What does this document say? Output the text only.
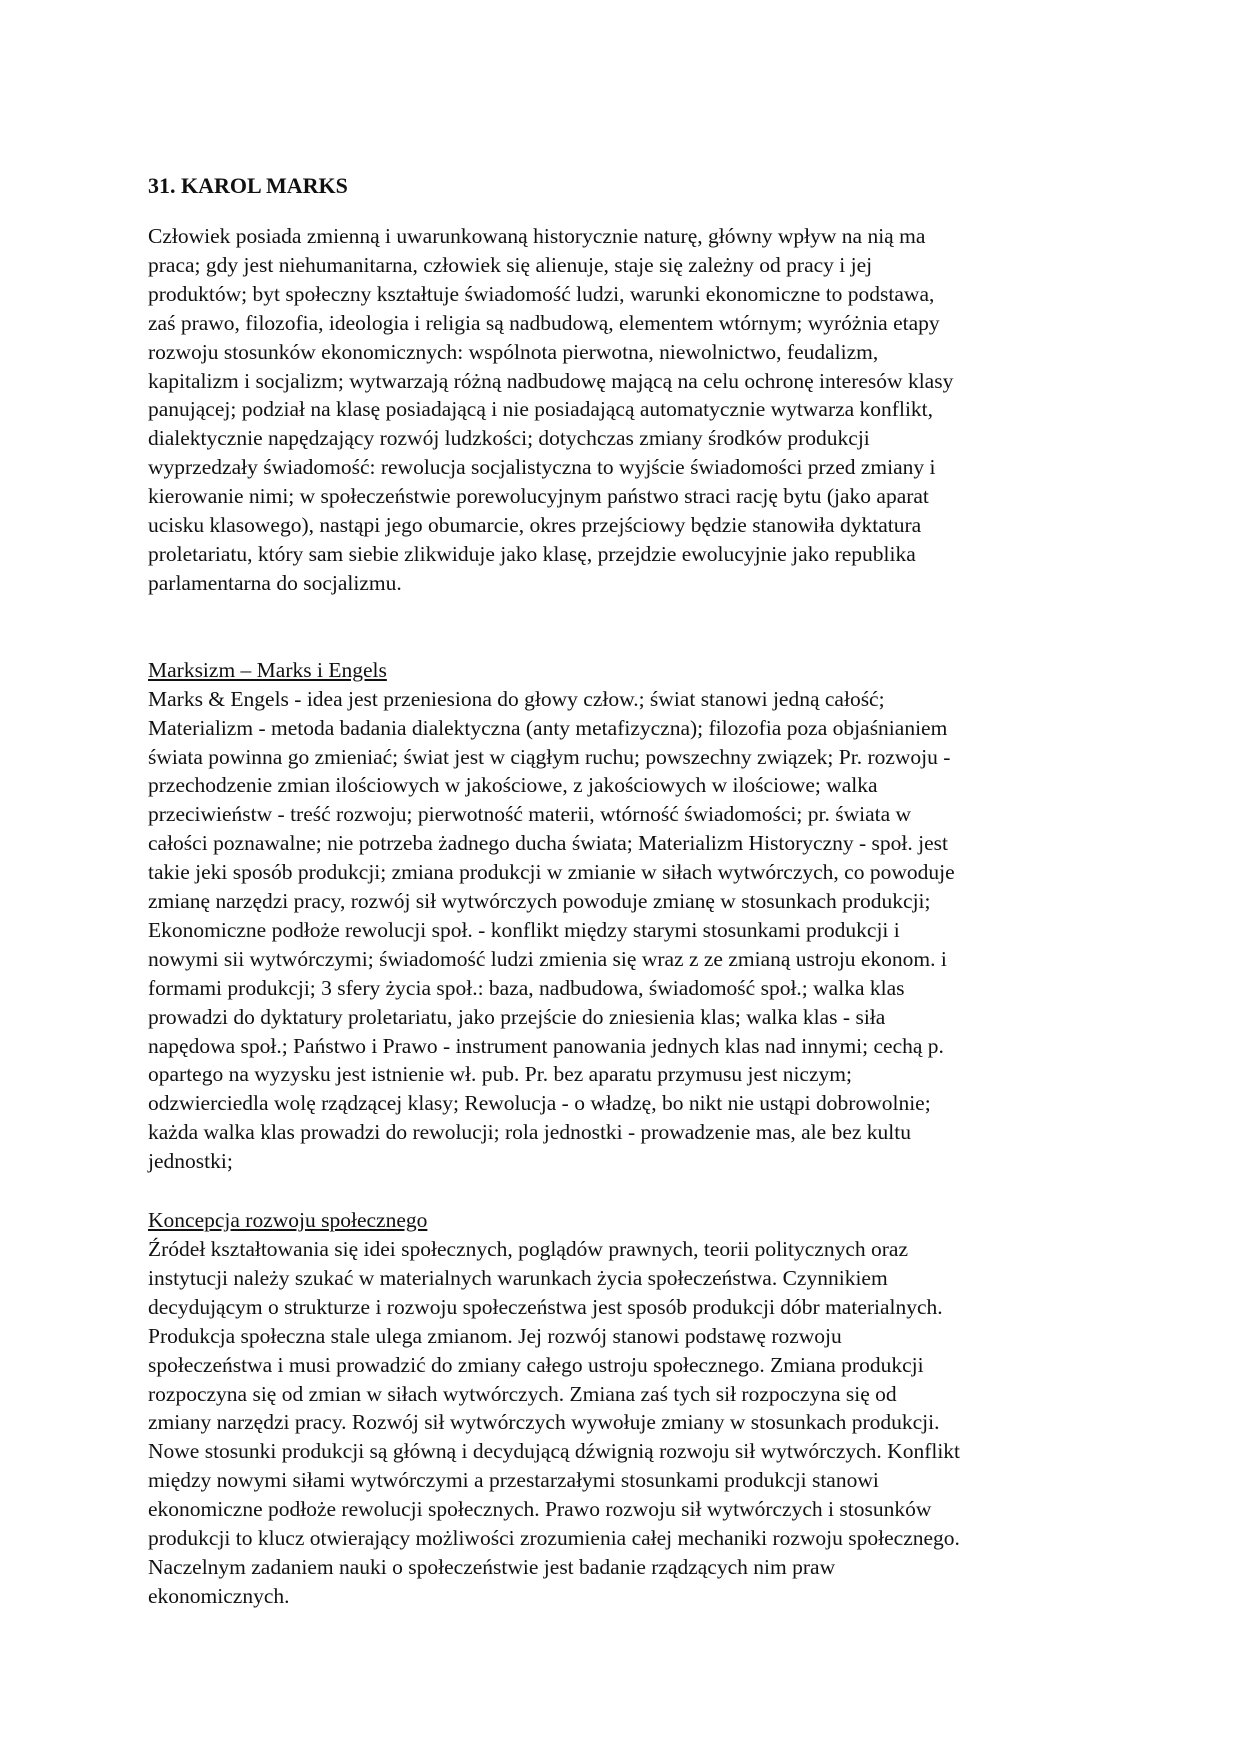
31. KAROL MARKS

Człowiek posiada zmienną i uwarunkowaną historycznie naturę, główny wpływ na nią ma
praca; gdy jest niehumanitarna, człowiek się alienuje, staje się zależny od pracy i jej
produktów; byt społeczny kształtuje świadomość ludzi, warunki ekonomiczne to podstawa,
zaś prawo, filozofia, ideologia i religia są nadbudową, elementem wtórnym; wyróżnia etapy
rozwoju stosunków ekonomicznych: wspólnota pierwotna, niewolnictwo, feudalizm,
kapitalizm i socjalizm; wytwarzają różną nadbudowę mającą na celu ochronę interesów klasy
panującej; podział na klasę posiadającą i nie posiadającą automatycznie wytwarza konflikt,
dialektycznie napędzający rozwój ludzkości; dotychczas zmiany środków produkcji
wyprzedzały świadomość: rewolucja socjalistyczna to wyjście świadomości przed zmiany i
kierowanie nimi; w społeczeństwie porewolucyjnym państwo straci rację bytu (jako aparat
ucisku klasowego), nastąpi jego obumarcie, okres przejściowy będzie stanowiła dyktatura
proletariatu, który sam siebie zlikwiduje jako klasę, przejdzie ewolucyjnie jako republika
parlamentarna do socjalizmu.

Marksizm – Marks i Engels

Marks & Engels - idea jest przeniesiona do głowy człow.; świat stanowi jedną całość;
Materializm - metoda badania dialektyczna (anty metafizyczna); filozofia poza objaśnianiem
świata powinna go zmieniać; świat jest w ciągłym ruchu; powszechny związek; Pr. rozwoju -
przechodzenie zmian ilościowych w jakościowe, z jakościowych w ilościowe; walka
przeciwieństw - treść rozwoju; pierwotność materii, wtórność świadomości; pr. świata w
całości poznawalne; nie potrzeba żadnego ducha świata; Materializm Historyczny - społ. jest
takie jeki sposób produkcji; zmiana produkcji w zmianie w siłach wytwórczych, co powoduje
zmianę narzędzi pracy, rozwój sił wytwórczych powoduje zmianę w stosunkach produkcji;
Ekonomiczne podłoże rewolucji społ. - konflikt między starymi stosunkami produkcji i
nowymi sii wytwórczymi; świadomość ludzi zmienia się wraz z ze zmianą ustroju ekonom. i
formami produkcji; 3 sfery życia społ.: baza, nadbudowa, świadomość społ.; walka klas
prowadzi do dyktatury proletariatu, jako przejście do zniesienia klas; walka klas - siła
napędowa społ.; Państwo i Prawo - instrument panowania jednych klas nad innymi; cechą p.
opartego na wyzysku jest istnienie wł. pub. Pr. bez aparatu przymusu jest niczym;
odzwierciedla wolę rządzącej klasy; Rewolucja - o władzę, bo nikt nie ustąpi dobrowolnie;
każda walka klas prowadzi do rewolucji; rola jednostki - prowadzenie mas, ale bez kultu
jednostki;

Koncepcja rozwoju społecznego

Źródeł kształtowania się idei społecznych, poglądów prawnych, teorii politycznych oraz
instytucji należy szukać w materialnych warunkach życia społeczeństwa. Czynnikiem
decydującym o strukturze i rozwoju społeczeństwa jest sposób produkcji dóbr materialnych.
Produkcja społeczna stale ulega zmianom. Jej rozwój stanowi podstawę rozwoju
społeczeństwa i musi prowadzić do zmiany całego ustroju społecznego. Zmiana produkcji
rozpoczyna się od zmian w siłach wytwórczych. Zmiana zaś tych sił rozpoczyna się od
zmiany narzędzi pracy. Rozwój sił wytwórczych wywołuje zmiany w stosunkach produkcji.
Nowe stosunki produkcji są główną i decydującą dźwignią rozwoju sił wytwórczych. Konflikt
między nowymi siłami wytwórczymi a przestarzałymi stosunkami produkcji stanowi
ekonomiczne podłoże rewolucji społecznych. Prawo rozwoju sił wytwórczych i stosunków
produkcji to klucz otwierający możliwości zrozumienia całej mechaniki rozwoju społecznego.
Naczelnym zadaniem nauki o społeczeństwie jest badanie rządzących nim praw
ekonomicznych.
